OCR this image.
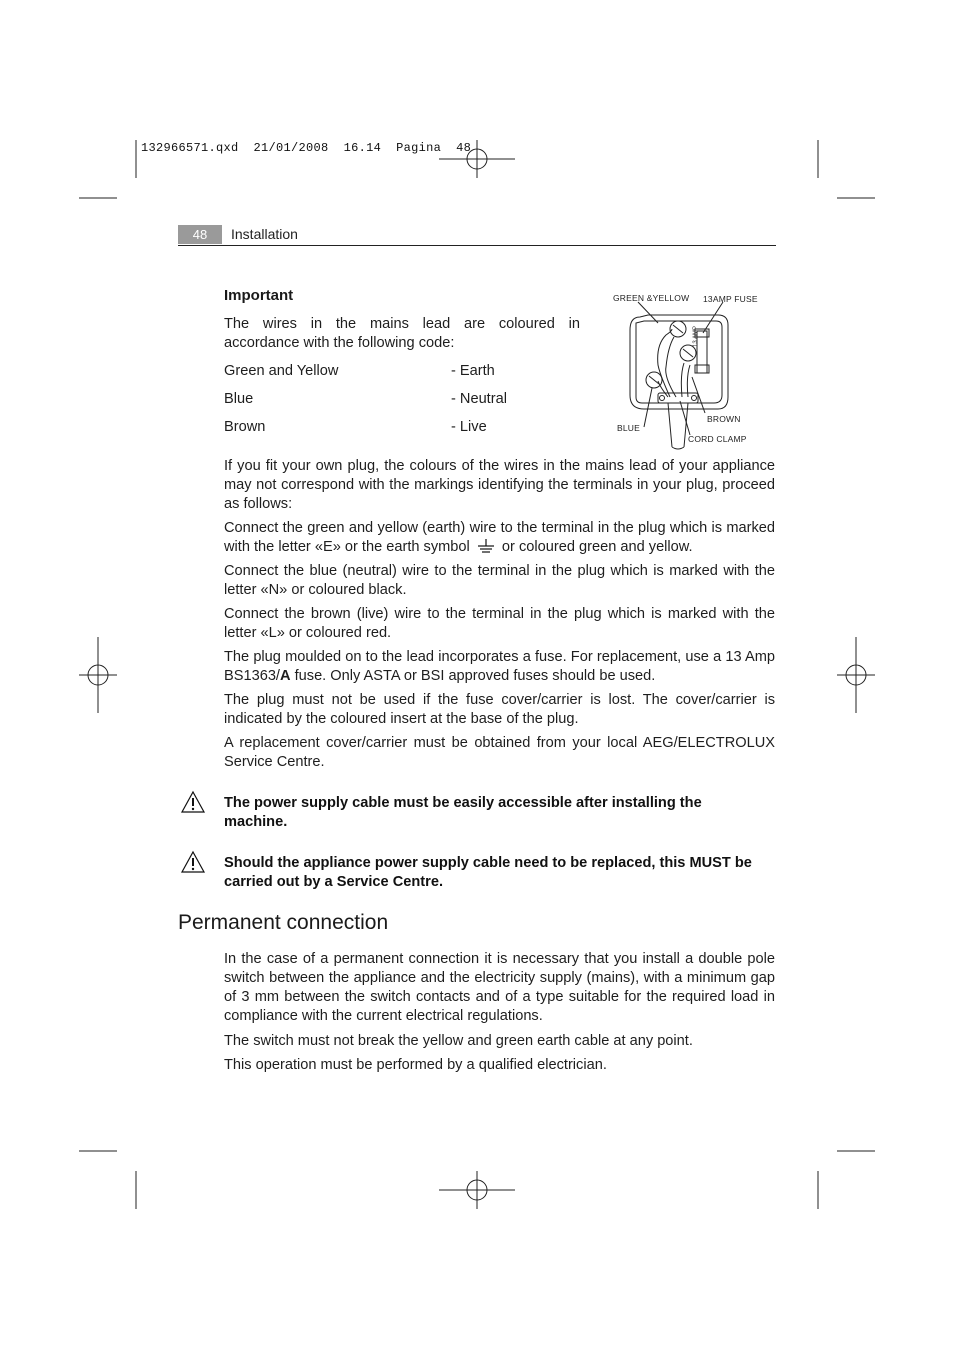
132966571.qxd 21/01/2008 16.14 Pagina 48
48	Installation
Important
The wires in the mains lead are coloured in accordance with the following code:
Green and Yellow	- Earth
Blue	- Neutral
Brown	- Live
GREEN &YELLOW 13AMP FUSE
BLUE
BROWN
CORD CLAMP
13 AMP
If you fit your own plug, the colours of the wires in the mains lead of your appliance may not correspond with the markings identifying the terminals in your plug, proceed as follows:
Connect the green and yellow (earth) wire to the terminal in the plug which is marked with the letter «E» or the earth symbol or coloured green and yellow.
Connect the blue (neutral) wire to the terminal in the plug which is marked with the letter «N» or coloured black.
Connect the brown (live) wire to the terminal in the plug which is marked with the letter «L» or coloured red.
The plug moulded on to the lead incorporates a fuse. For replacement, use a 13 Amp BS1363/A fuse. Only ASTA or BSI approved fuses should be used.
The plug must not be used if the fuse cover/carrier is lost. The cover/carrier is indicated by the coloured insert at the base of the plug.
A replacement cover/carrier must be obtained from your local AEG/ELECTROLUX Service Centre.
The power supply cable must be easily accessible after installing the machine.
Should the appliance power supply cable need to be replaced, this MUST be carried out by a Service Centre.
Permanent connection
In the case of a permanent connection it is necessary that you install a double pole switch between the appliance and the electricity supply (mains), with a minimum gap of 3 mm between the switch contacts and of a type suitable for the required load in compliance with the current electrical regulations.
The switch must not break the yellow and green earth cable at any point.
This operation must be performed by a qualified electrician.
